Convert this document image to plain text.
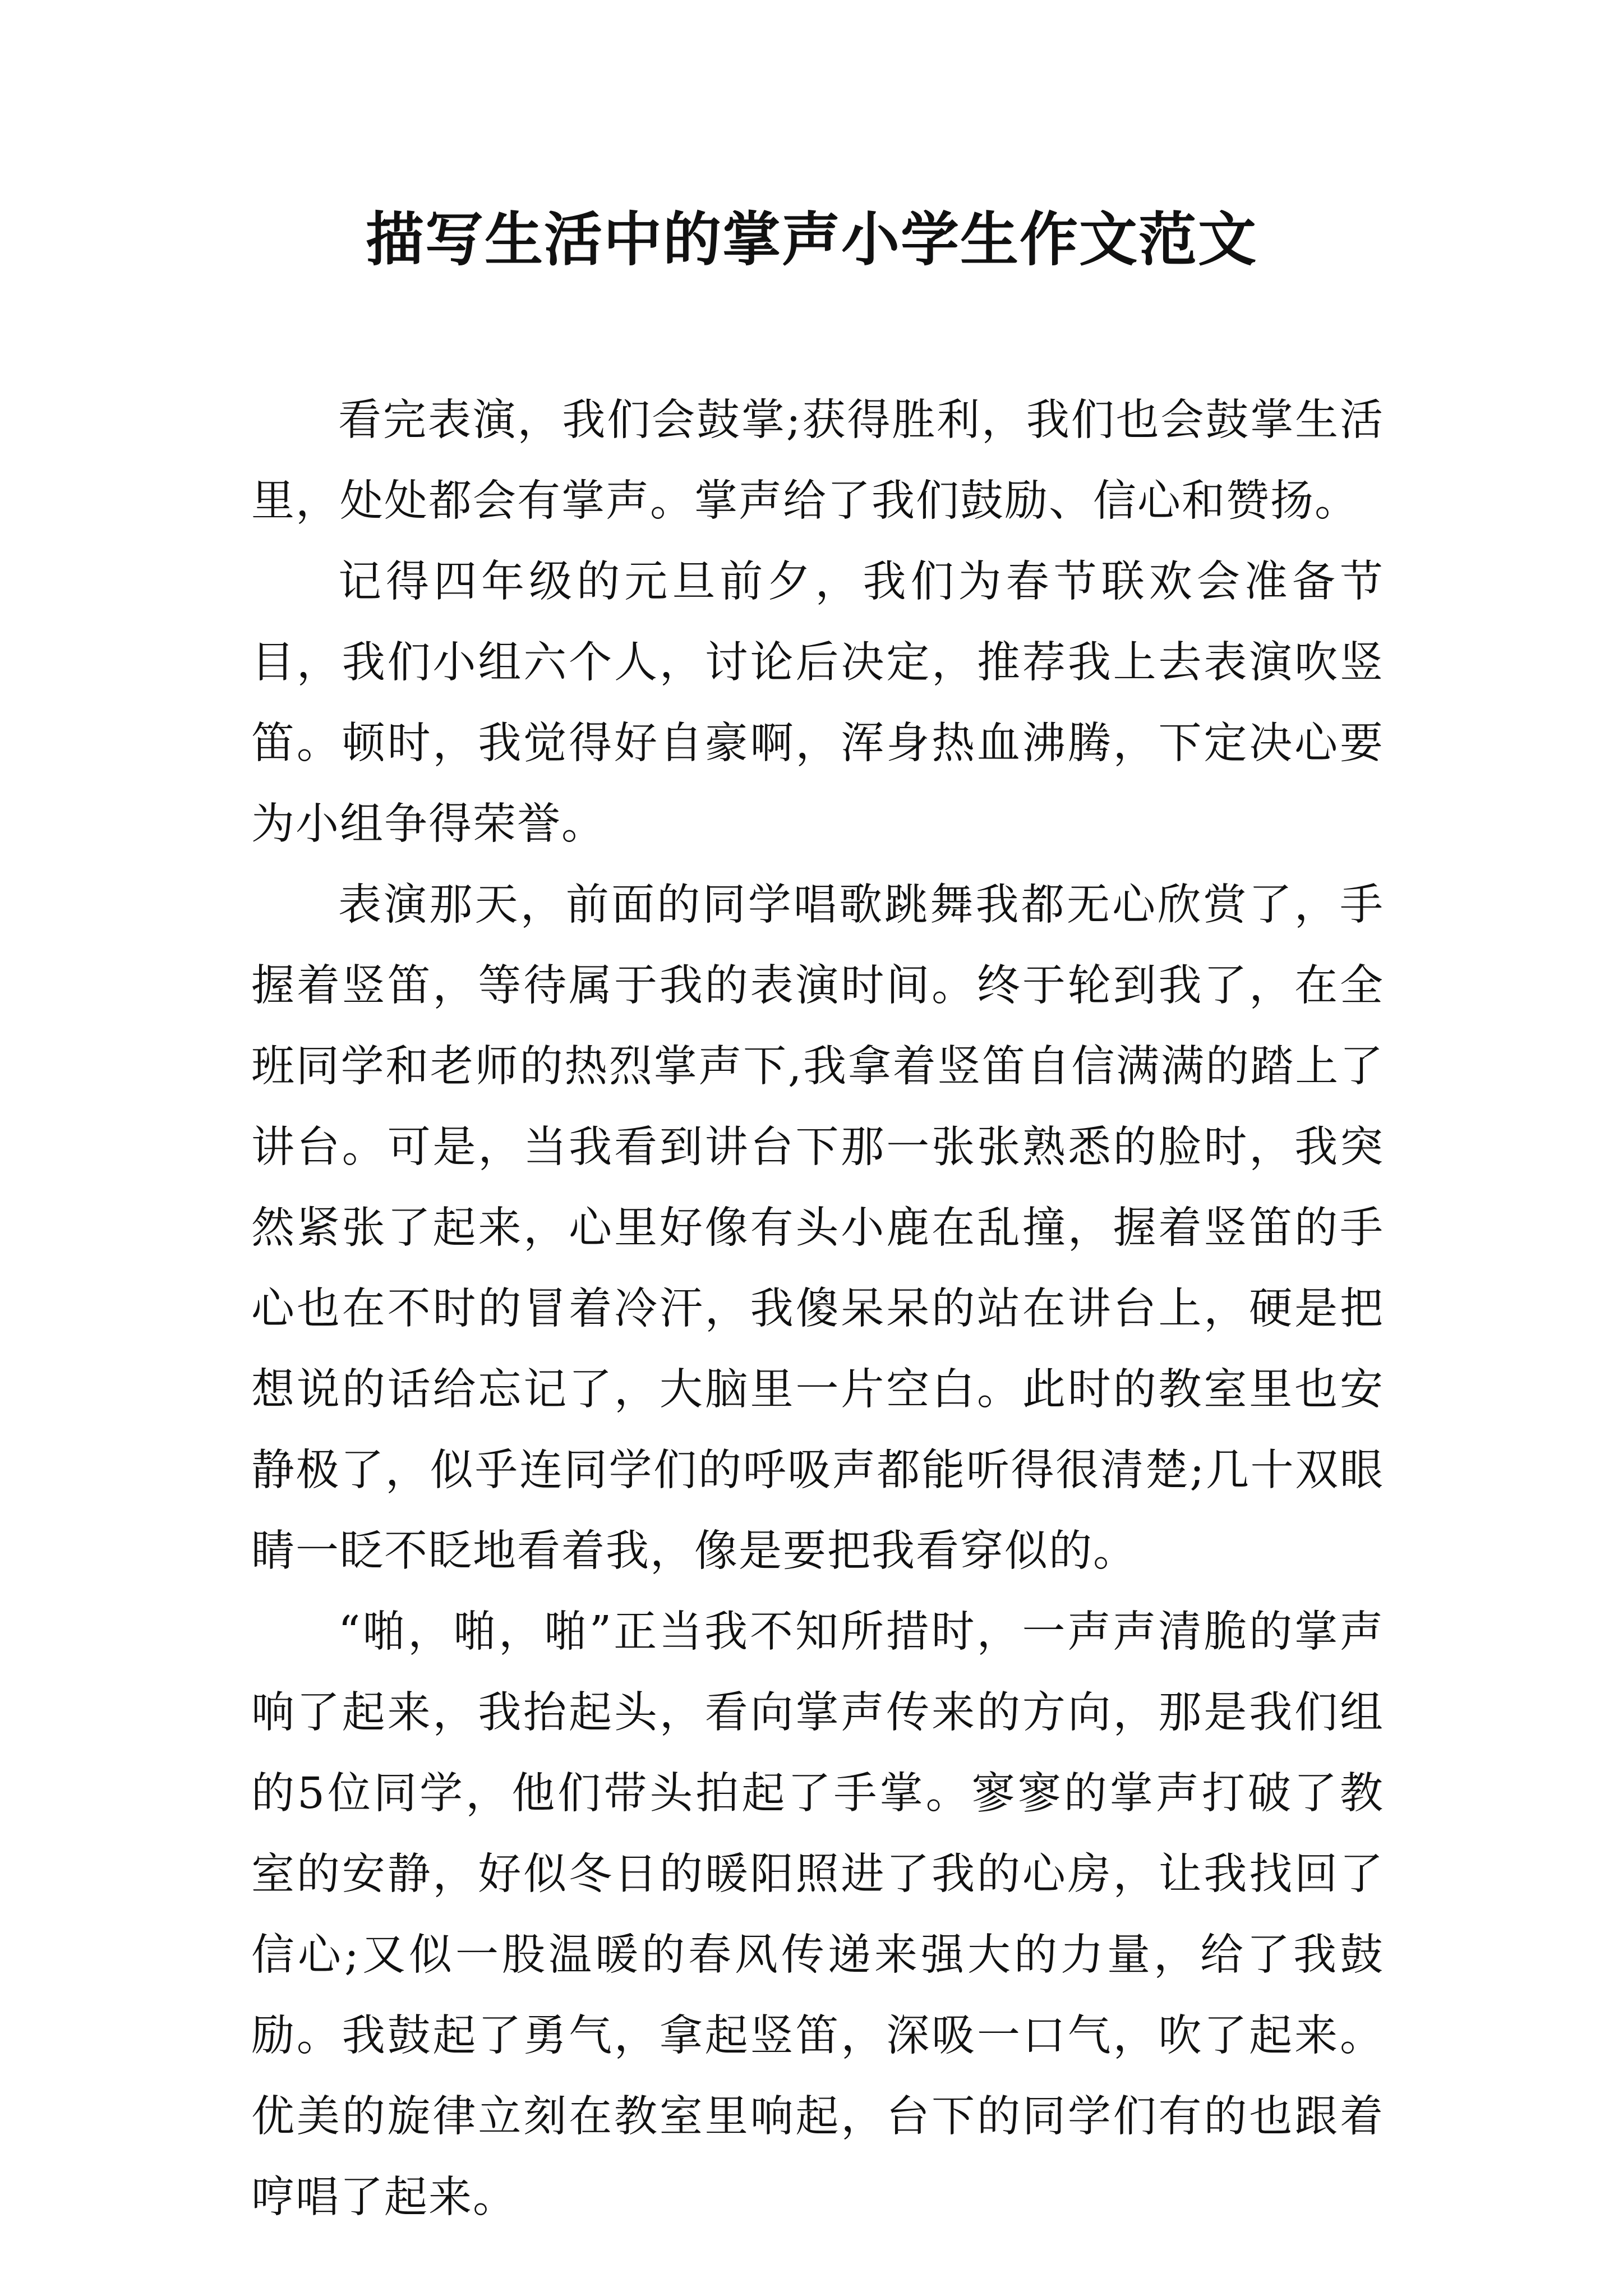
描写生活中的掌声小学生作文范文

看完表演，我们会鼓掌;获得胜利，我们也会鼓掌生活里，处处都会有掌声。掌声给了我们鼓励、信心和赞扬。

记得四年级的元旦前夕，我们为春节联欢会准备节目，我们小组六个人，讨论后决定，推荐我上去表演吹竖笛。顿时，我觉得好自豪啊，浑身热血沸腾，下定决心要为小组争得荣誉。

表演那天，前面的同学唱歌跳舞我都无心欣赏了，手握着竖笛，等待属于我的表演时间。终于轮到我了，在全班同学和老师的热烈掌声下,我拿着竖笛自信满满的踏上了讲台。可是，当我看到讲台下那一张张熟悉的脸时，我突然紧张了起来，心里好像有头小鹿在乱撞，握着竖笛的手心也在不时的冒着冷汗，我傻呆呆的站在讲台上，硬是把想说的话给忘记了，大脑里一片空白。此时的教室里也安静极了，似乎连同学们的呼吸声都能听得很清楚;几十双眼睛一眨不眨地看着我，像是要把我看穿似的。

“啪，啪，啪”正当我不知所措时，一声声清脆的掌声响了起来，我抬起头，看向掌声传来的方向，那是我们组的5位同学，他们带头拍起了手掌。寥寥的掌声打破了教室的安静，好似冬日的暖阳照进了我的心房，让我找回了信心;又似一股温暖的春风传递来强大的力量，给了我鼓励。我鼓起了勇气，拿起竖笛，深吸一口气，吹了起来。优美的旋律立刻在教室里响起，台下的同学们有的也跟着哼唱了起来。
